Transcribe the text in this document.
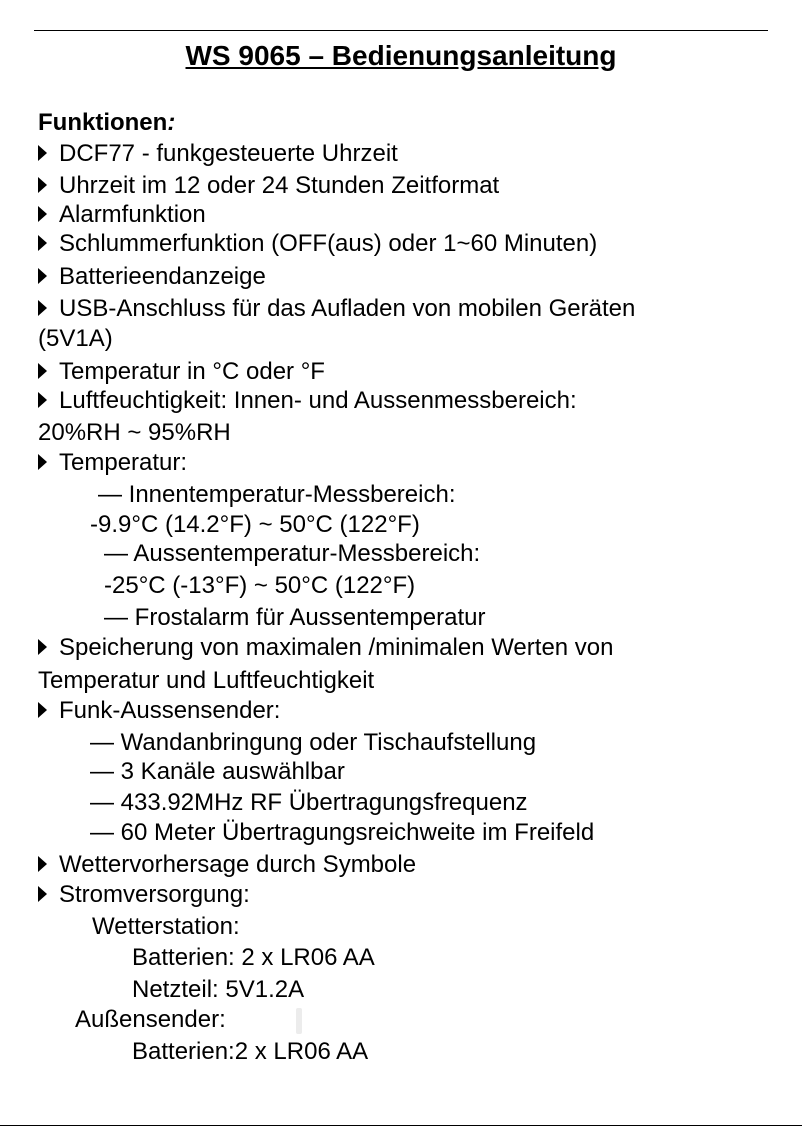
WS 9065 – Bedienungsanleitung
Funktionen:
DCF77 - funkgesteuerte Uhrzeit
Uhrzeit im 12 oder 24 Stunden Zeitformat
Alarmfunktion
Schlummerfunktion (OFF(aus) oder 1~60 Minuten)
Batterieendanzeige
USB-Anschluss für das Aufladen von mobilen Geräten
(5V1A)
Temperatur in °C oder °F
Luftfeuchtigkeit: Innen- und Aussenmessbereich:
20%RH ~ 95%RH
Temperatur:
— Innentemperatur-Messbereich:
-9.9°C (14.2°F) ~ 50°C (122°F)
— Aussentemperatur-Messbereich:
-25°C (-13°F) ~ 50°C (122°F)
— Frostalarm für Aussentemperatur
Speicherung von maximalen /minimalen Werten von
Temperatur und Luftfeuchtigkeit
Funk-Aussensender:
— Wandanbringung oder Tischaufstellung
— 3 Kanäle auswählbar
— 433.92MHz RF Übertragungsfrequenz
— 60 Meter Übertragungsreichweite im Freifeld
Wettervorhersage durch Symbole
Stromversorgung:
Wetterstation:
Batterien: 2 x LR06 AA
Netzteil: 5V1.2A
Außensender:
Batterien:2 x LR06 AA
